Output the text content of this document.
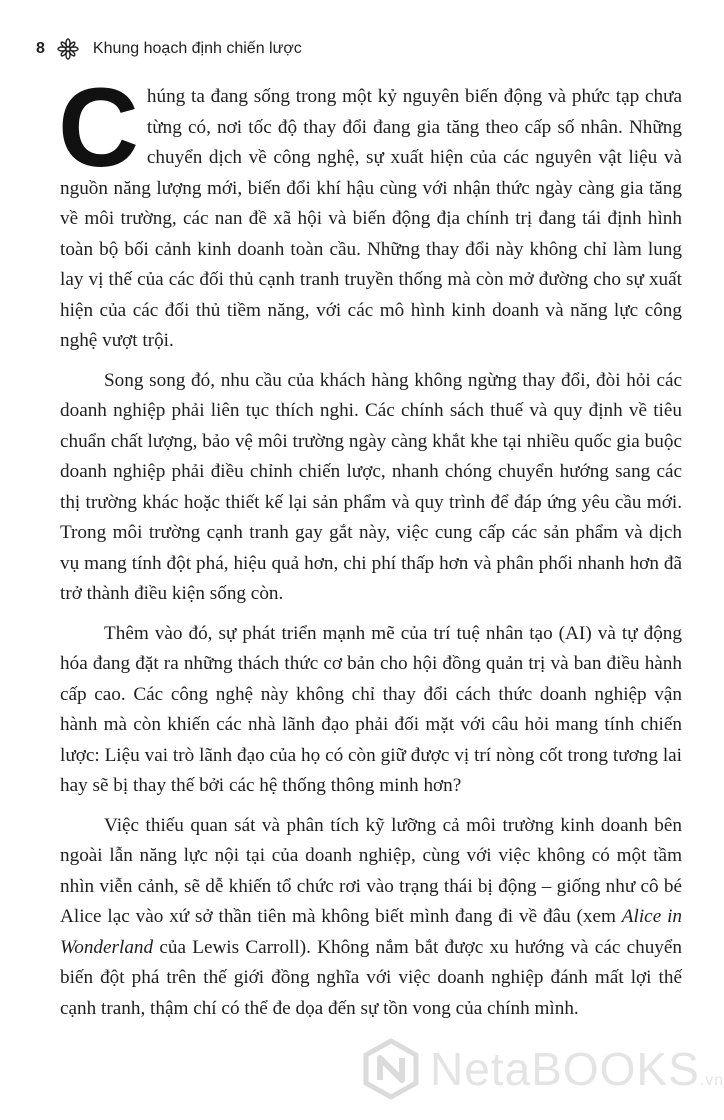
8	Khung hoạch định chiến lược

Chúng ta đang sống trong một kỷ nguyên biến động và phức tạp chưa từng có, nơi tốc độ thay đổi đang gia tăng theo cấp số nhân. Những chuyển dịch về công nghệ, sự xuất hiện của các nguyên vật liệu và nguồn năng lượng mới, biến đổi khí hậu cùng với nhận thức ngày càng gia tăng về môi trường, các nan đề xã hội và biến động địa chính trị đang tái định hình toàn bộ bối cảnh kinh doanh toàn cầu. Những thay đổi này không chỉ làm lung lay vị thế của các đối thủ cạnh tranh truyền thống mà còn mở đường cho sự xuất hiện của các đối thủ tiềm năng, với các mô hình kinh doanh và năng lực công nghệ vượt trội.

Song song đó, nhu cầu của khách hàng không ngừng thay đổi, đòi hỏi các doanh nghiệp phải liên tục thích nghi. Các chính sách thuế và quy định về tiêu chuẩn chất lượng, bảo vệ môi trường ngày càng khắt khe tại nhiều quốc gia buộc doanh nghiệp phải điều chỉnh chiến lược, nhanh chóng chuyển hướng sang các thị trường khác hoặc thiết kế lại sản phẩm và quy trình để đáp ứng yêu cầu mới. Trong môi trường cạnh tranh gay gắt này, việc cung cấp các sản phẩm và dịch vụ mang tính đột phá, hiệu quả hơn, chi phí thấp hơn và phân phối nhanh hơn đã trở thành điều kiện sống còn.

Thêm vào đó, sự phát triển mạnh mẽ của trí tuệ nhân tạo (AI) và tự động hóa đang đặt ra những thách thức cơ bản cho hội đồng quản trị và ban điều hành cấp cao. Các công nghệ này không chỉ thay đổi cách thức doanh nghiệp vận hành mà còn khiến các nhà lãnh đạo phải đối mặt với câu hỏi mang tính chiến lược: Liệu vai trò lãnh đạo của họ có còn giữ được vị trí nòng cốt trong tương lai hay sẽ bị thay thế bởi các hệ thống thông minh hơn?

Việc thiếu quan sát và phân tích kỹ lưỡng cả môi trường kinh doanh bên ngoài lẫn năng lực nội tại của doanh nghiệp, cùng với việc không có một tầm nhìn viễn cảnh, sẽ dễ khiến tổ chức rơi vào trạng thái bị động – giống như cô bé Alice lạc vào xứ sở thần tiên mà không biết mình đang đi về đâu (xem Alice in Wonderland của Lewis Carroll). Không nắm bắt được xu hướng và các chuyển biến đột phá trên thế giới đồng nghĩa với việc doanh nghiệp đánh mất lợi thế cạnh tranh, thậm chí có thể đe dọa đến sự tồn vong của chính mình.

NetaBOOKS.vn
